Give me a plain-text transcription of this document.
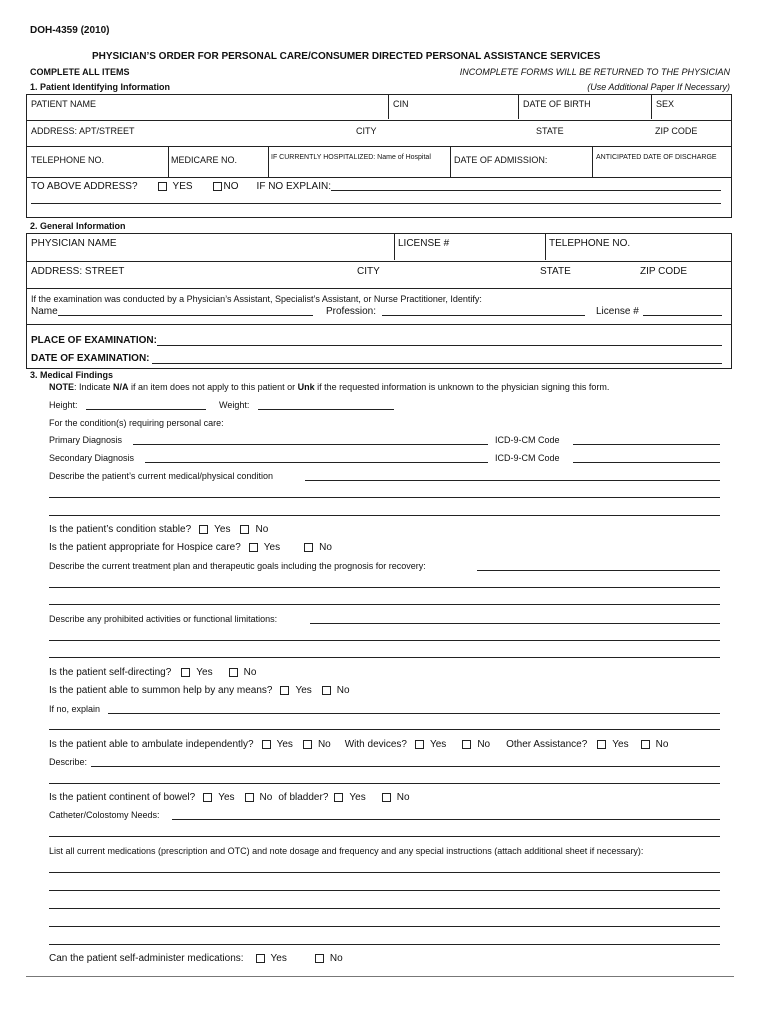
DOH-4359 (2010)
PHYSICIAN’S ORDER FOR PERSONAL CARE/CONSUMER DIRECTED PERSONAL ASSISTANCE SERVICES
COMPLETE ALL ITEMS	INCOMPLETE FORMS WILL BE RETURNED TO THE PHYSICIAN
1. Patient Identifying Information	(Use Additional Paper If Necessary)
PATIENT NAME	CIN	DATE OF BIRTH	SEX
ADDRESS: APT/STREET	CITY	STATE	ZIP CODE
TELEPHONE NO.	MEDICARE NO.	IF CURRENTLY HOSPITALIZED: Name of Hospital	DATE OF ADMISSION:	ANTICIPATED DATE OF DISCHARGE
TO ABOVE ADDRESS?	YES	NO IF NO EXPLAIN:
2. General Information
PHYSICIAN NAME	LICENSE #	TELEPHONE NO.
ADDRESS: STREET	CITY	STATE	ZIP CODE
If the examination was conducted by a Physician’s Assistant, Specialist’s Assistant, or Nurse Practitioner, Identify:
Name	Profession:	License #
PLACE OF EXAMINATION:
DATE OF EXAMINATION:
3. Medical Findings
NOTE: Indicate N/A if an item does not apply to this patient or Unk if the requested information is unknown to the physician signing this form.
Height:	Weight:
For the condition(s) requiring personal care:
Primary Diagnosis	ICD-9-CM Code
Secondary Diagnosis	ICD-9-CM Code
Describe the patient’s current medical/physical condition
Is the patient’s condition stable? Yes	No
Is the patient appropriate for Hospice care? Yes	No
Describe the current treatment plan and therapeutic goals including the prognosis for recovery:
Describe any prohibited activities or functional limitations:
Is the patient self-directing?	Yes	No
Is the patient able to summon help by any means? Yes	No
If no, explain
Is the patient able to ambulate independently? Yes	No With devices? Yes	No Other Assistance?	Yes	No
Describe:
Is the patient continent of bowel? Yes	No of bladder? Yes	No
Catheter/Colostomy Needs:
List all current medications (prescription and OTC) and note dosage and frequency and any special instructions (attach additional sheet if necessary):
Can the patient self-administer medications:	Yes	No
